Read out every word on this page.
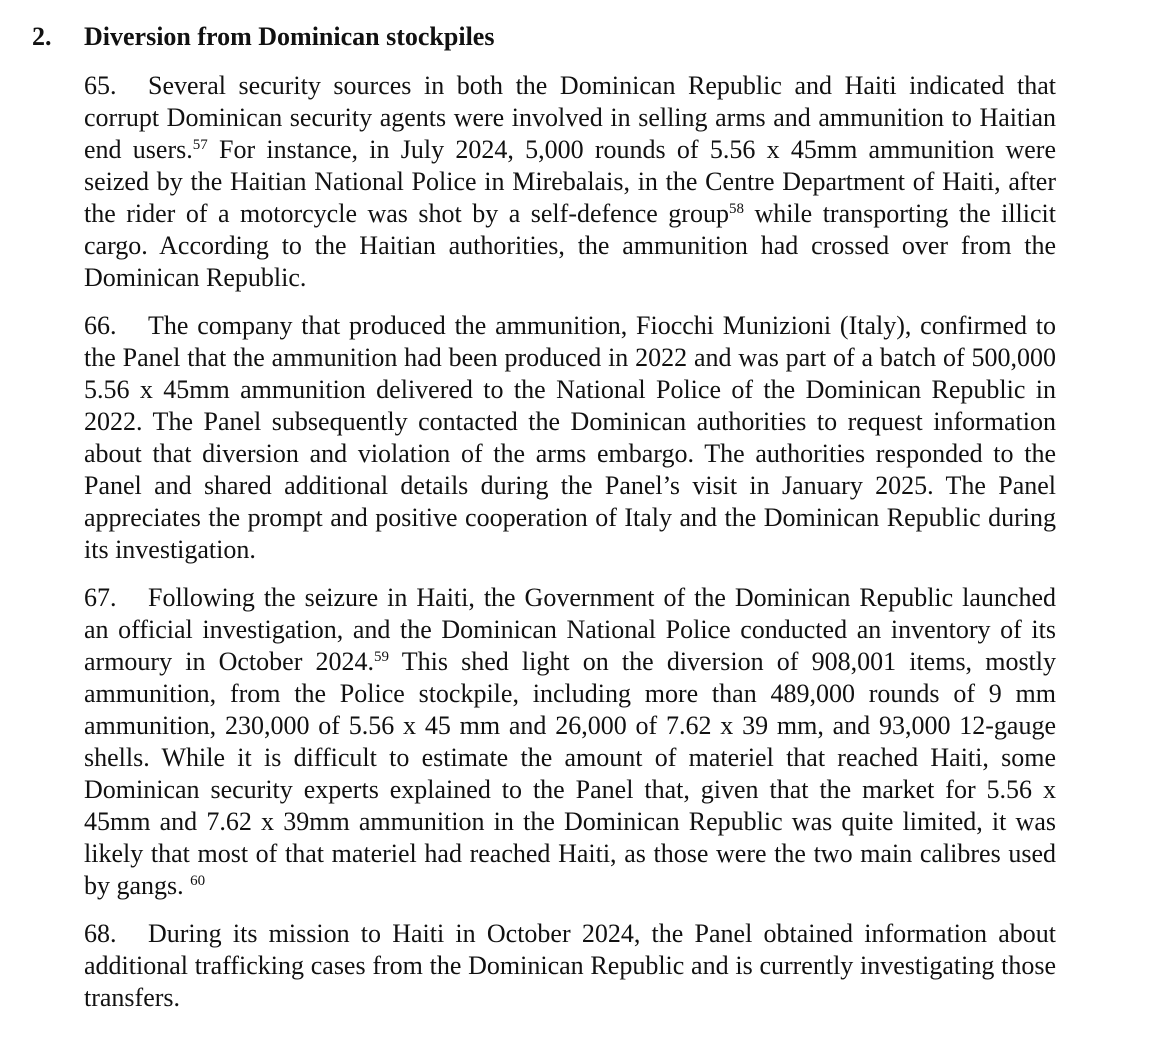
2. Diversion from Dominican stockpiles
65. Several security sources in both the Dominican Republic and Haiti indicated that corrupt Dominican security agents were involved in selling arms and ammunition to Haitian end users.$^{57}$ For instance, in July 2024, 5,000 rounds of 5.56 x 45mm ammunition were seized by the Haitian National Police in Mirebalais, in the Centre Department of Haiti, after the rider of a motorcycle was shot by a self-defence group$^{58}$ while transporting the illicit cargo. According to the Haitian authorities, the ammunition had crossed over from the Dominican Republic.
66. The company that produced the ammunition, Fiocchi Munizioni (Italy), confirmed to the Panel that the ammunition had been produced in 2022 and was part of a batch of 500,000 5.56 x 45mm ammunition delivered to the National Police of the Dominican Republic in 2022. The Panel subsequently contacted the Dominican authorities to request information about that diversion and violation of the arms embargo. The authorities responded to the Panel and shared additional details during the Panel’s visit in January 2025. The Panel appreciates the prompt and positive cooperation of Italy and the Dominican Republic during its investigation.
67. Following the seizure in Haiti, the Government of the Dominican Republic launched an official investigation, and the Dominican National Police conducted an inventory of its armoury in October 2024.59 This shed light on the diversion of 908,001 items, mostly ammunition, from the Police stockpile, including more than 489,000 rounds of 9 mm ammunition, 230,000 of 5.56 x 45 mm and 26,000 of 7.62 x 39 mm, and 93,000 12-gauge shells. While it is difficult to estimate the amount of materiel that reached Haiti, some Dominican security experts explained to the Panel that, given that the market for 5.56 x 45mm and 7.62 x 39mm ammunition in the Dominican Republic was quite limited, it was likely that most of that materiel had reached Haiti, as those were the two main calibres used by gangs. $^{60}$
68. During its mission to Haiti in October 2024, the Panel obtained information about additional trafficking cases from the Dominican Republic and is currently investigating those transfers.
